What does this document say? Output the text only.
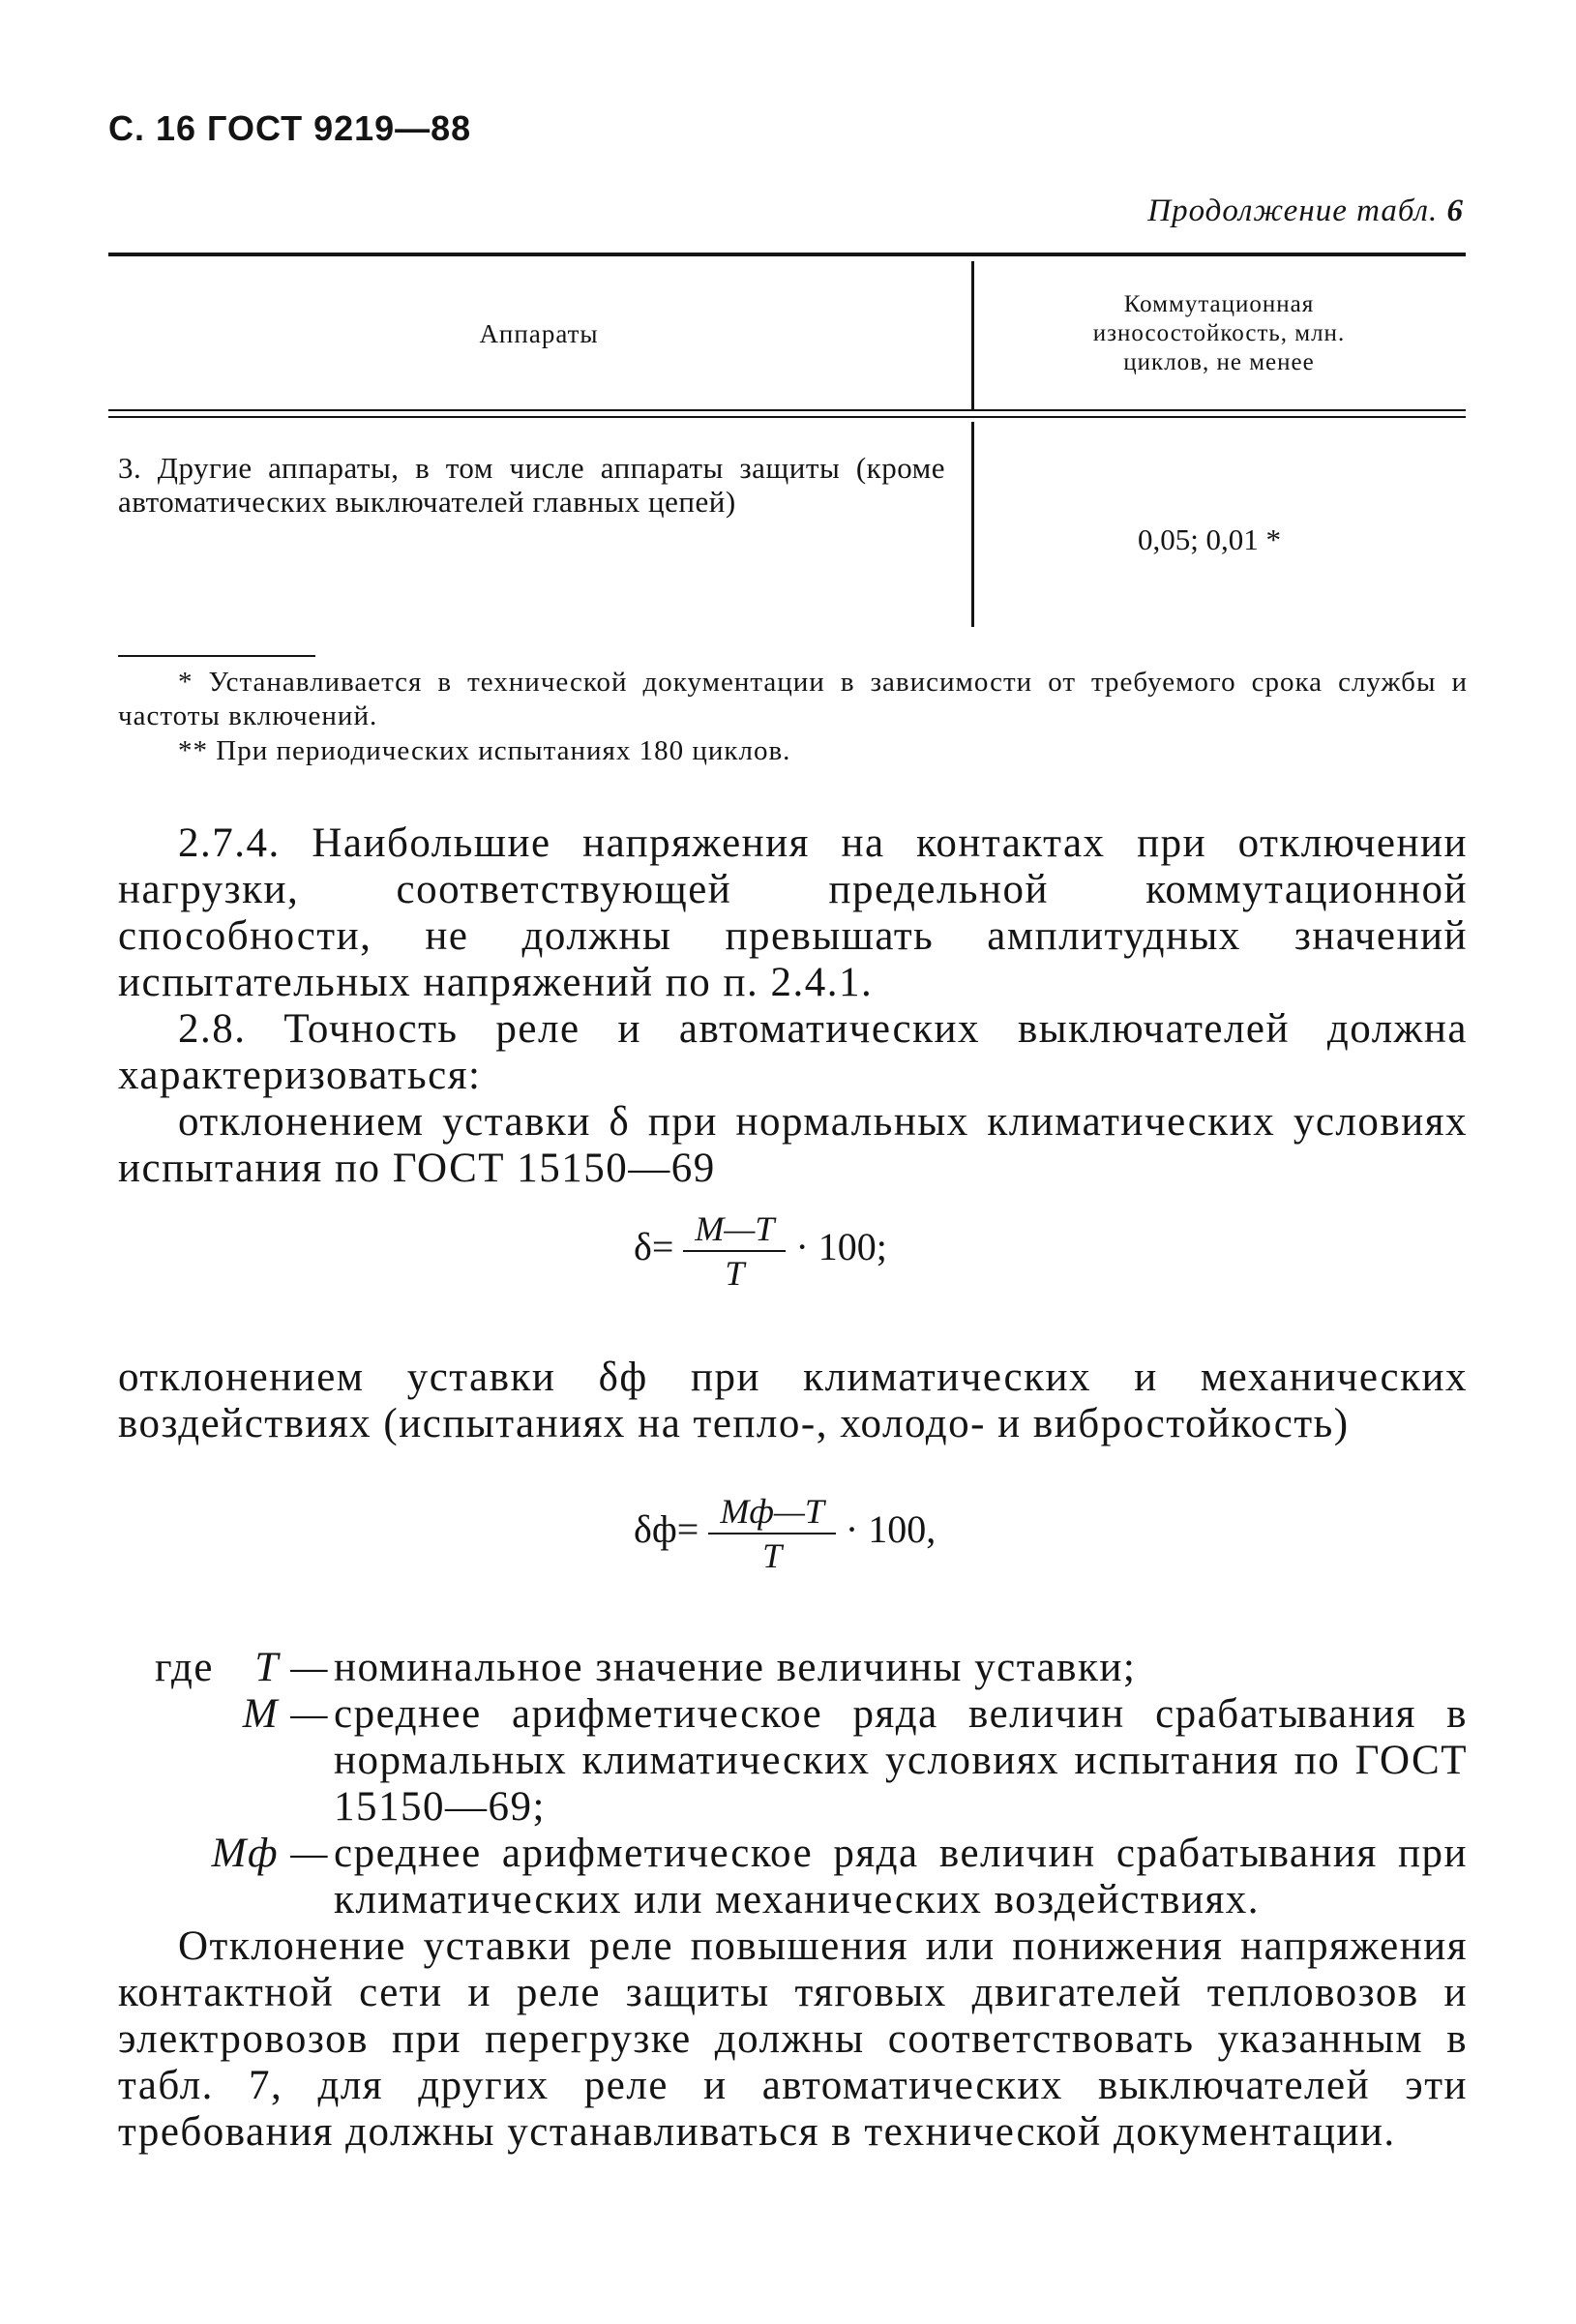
С. 16 ГОСТ 9219—88
Продолжение табл. 6
Аппараты
Коммутационная
износостойкость, млн.
циклов, не менее
3. Другие аппараты, в том числе аппараты защиты (кроме автоматических выключателей главных цепей)
0,05; 0,01 *
* Устанавливается в технической документации в зависимости от требуемого срока службы и частоты включений.
** При периодических испытаниях 180 циклов.
2.7.4. Наибольшие напряжения на контактах при отключении нагрузки, соответствующей предельной коммутационной способности, не должны превышать амплитудных значений испытательных напряжений по п. 2.4.1.
2.8. Точность реле и автоматических выключателей должна характеризоваться:
отклонением уставки δ при нормальных климатических условиях испытания по ГОСТ 15150—69
$\delta= \frac{M—T}{T} \cdot 100$;
отклонением уставки δф при климатических и механических воздействиях (испытаниях на тепло-, холодо- и вибростойкость)
$\delta ф= \frac{Mф—T}{T} \cdot 100$,
где T — номинальное значение величины уставки;
M — среднее арифметическое ряда величин срабатывания в нормальных климатических условиях испытания по ГОСТ 15150—69;
Mф — среднее арифметическое ряда величин срабатывания при климатических или механических воздействиях.
Отклонение уставки реле повышения или понижения напряжения контактной сети и реле защиты тяговых двигателей тепловозов и электровозов при перегрузке должны соответствовать указанным в табл. 7, для других реле и автоматических выключателей эти требования должны устанавливаться в технической документации.
